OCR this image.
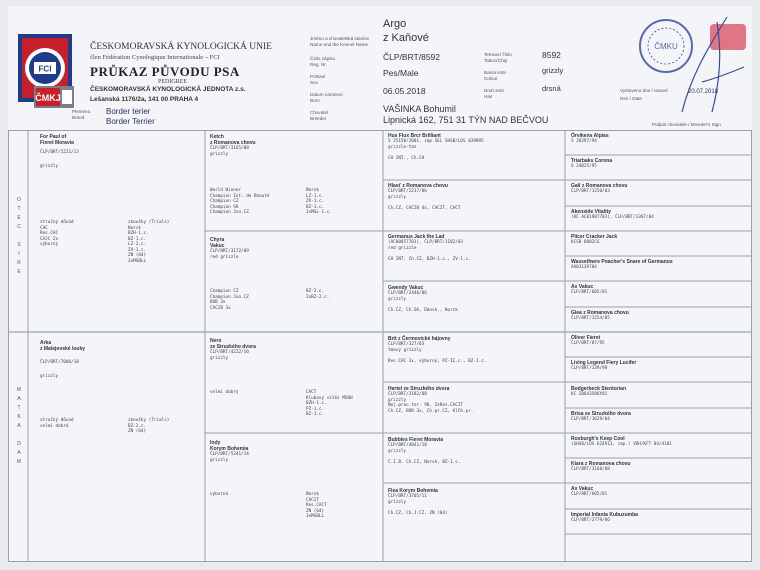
FCI
ČMKJ
ČESKOMORAVSKÁ KYNOLOGICKÁ UNIE
člen Fédération Cynologique Internationale – FCI
PRŮKAZ PŮVODU PSA
PEDIGREE
ČESKOMORAVSKÁ KYNOLOGICKÁ JEDNOTA z.s.
Lešanská 1176/2a, 141 00 PRAHA 4
Plemeno
Breed
Border terier
Border Terrier
Jméno a chovatelská stanice
Name and the Kennel Name
Číslo zápisu
Reg. Nr.
Pohlaví
Sex
Datum narození
Born
Chovatel
Breeder
Argo
z Kaňové
ČLP/BRT/8592
Pes/Male
06.05.2018
VAŠINKA Bohumil
Lipnická 162, 751 31 TÝN NAD BEČVOU
Tetovací číslo
Tattoo/Chip
Barva srsti
Colour
Druh srsti
Hair
8592
grizzly
drsná
ČMKU
Vystaveno dne / Issued
Den / Date
20.07.2018
Podpis chovatele / Breeder's Sign
O
T
E
C

S
I
R
E
M
A
T
K
A

D
A
M
For Paul of
Fieret Moravia
ČLP/BRT/5221/13
grizzly
stručný důvod
CAC
Res.CAC
CAJC 2x
výborný
zkoušky (Trials)
Norsk
BZH-1.c.
BZ-1.c.
LZ-2.c.
ZV-1.c.
ZN (64)
3xMSBLL
Arka
z Malejovské louky
ČLP/BRT/7006/18
grizzly
stručný důvod
velmi dobrá
zkoušky (Trials)
BZ-2.c.
ZN (64)
Ketch
z Romanova chovu
ČLP/BRT/3165/08
grizzly
World Winner
Champion Int. de Beauté
Champion CZ
Champion SK
Champion Jun.CZ
Norsk
LZ-1.c.
ZV-1.c.
BZ-1.c.
2xMSL-1.c.
Chyra
Vakuc
ČLP/BRT/3172/09
red grizzle
Champion CZ
Champion Jun.CZ
BOB 3x
CACIB 3x
BZ-2.c.
2xBZ-2.c.
Nero
ze Struzkého dvora
ČLP/BRT/4222/10
grizzly
velmi dobrý	CACT
Klubový vítěz MSBH
BZH-1.c.
PZ-1.c.
BZ-1.c.
Indy
Korym Bohemia
ČLP/BRT/5241/14
grizzly
výborná	Norsk
CACIT
Res.CACT
ZN (64)
3xMSBLL
Hus Flux Brcr Brilliant
S 25150/2001. imp.SEL SHSB/LOS 839895
grizzle-tan
CH INT., Ch.CH
Hlasť z Romanova chovu
ČLP/BRT/2217/06
grizzly
Ch.CZ, CACIB 4x, CACIT, CACT
Germanus Jack the Lad
(AC00857701), ČLP/BRT/1182/03
red grizzle
CH INT. Ch.CZ, BZH-1.c., ZV-1.c.
Gwendy Vakuc
ČLP/BRT/2446/06
grizzly
Ch.CZ, Ch.SK, Dánsk., Norsk
Brit z Čermovické hájovny
ČLP/BRT/327/03
tmavý grizzly
Res.CAC 3x, výborný, PZ-II.c., BZ-I.c.
Hertel ze Struzkého dvora
ČLP/BRT/3182/08
grizzly
Nej.prac.ter. 98, 2xRes.CACIT
Ch.CZ, BOB 3x, Ch.pr.CZ, KlCh.pr.
Bubbles Fieret Moravia
ČLP/BRT/4041/10
grizzly
C.I.B. Ch.CZ, Norsk, BZ-1.c.
Flea Korym Bohemia
ČLP/BRT/3705/11
grizzly
Ch.CZ, Ch.J.CZ, ZN (64)
Örvikens Alpias
S 20297/94
Triarbaks Corona
S 24025/95
Gail z Romanova chovu
ČLP/BRT/1250/03
Akenside Vitality
(KC AC01907703), ČLP/BRT/1367/04
Plicer Cracker Jack
KCSB 0802CG
Wassethwre Poacher's Snare of Germanus
AA03139704
Ax Vakuc
ČLP/BRT/605/01
Glea z Romanova chovu
ČLP/BRT/1254/05
Oliver Fieret
ČLP/BRT/87/95
Living Legend Fiery Lucifer
ČLP/BRT/139/98
Bodgerbeck Stentorian
KC Z0643506Y01
Brisa ze Struzkého dvora
ČLP/BRT/1629/04
Roxburgh's Keep Cool
(SHSB/LOS 624913, imp.) VDH/KFT 04/4101
Kiara z Romanova chovu
ČLP/BRT/3168/08
Ax Vakuc
ČLP/BRT/605/01
Imperial Infanta Kubuzumba
ČLP/BRT/2779/06
